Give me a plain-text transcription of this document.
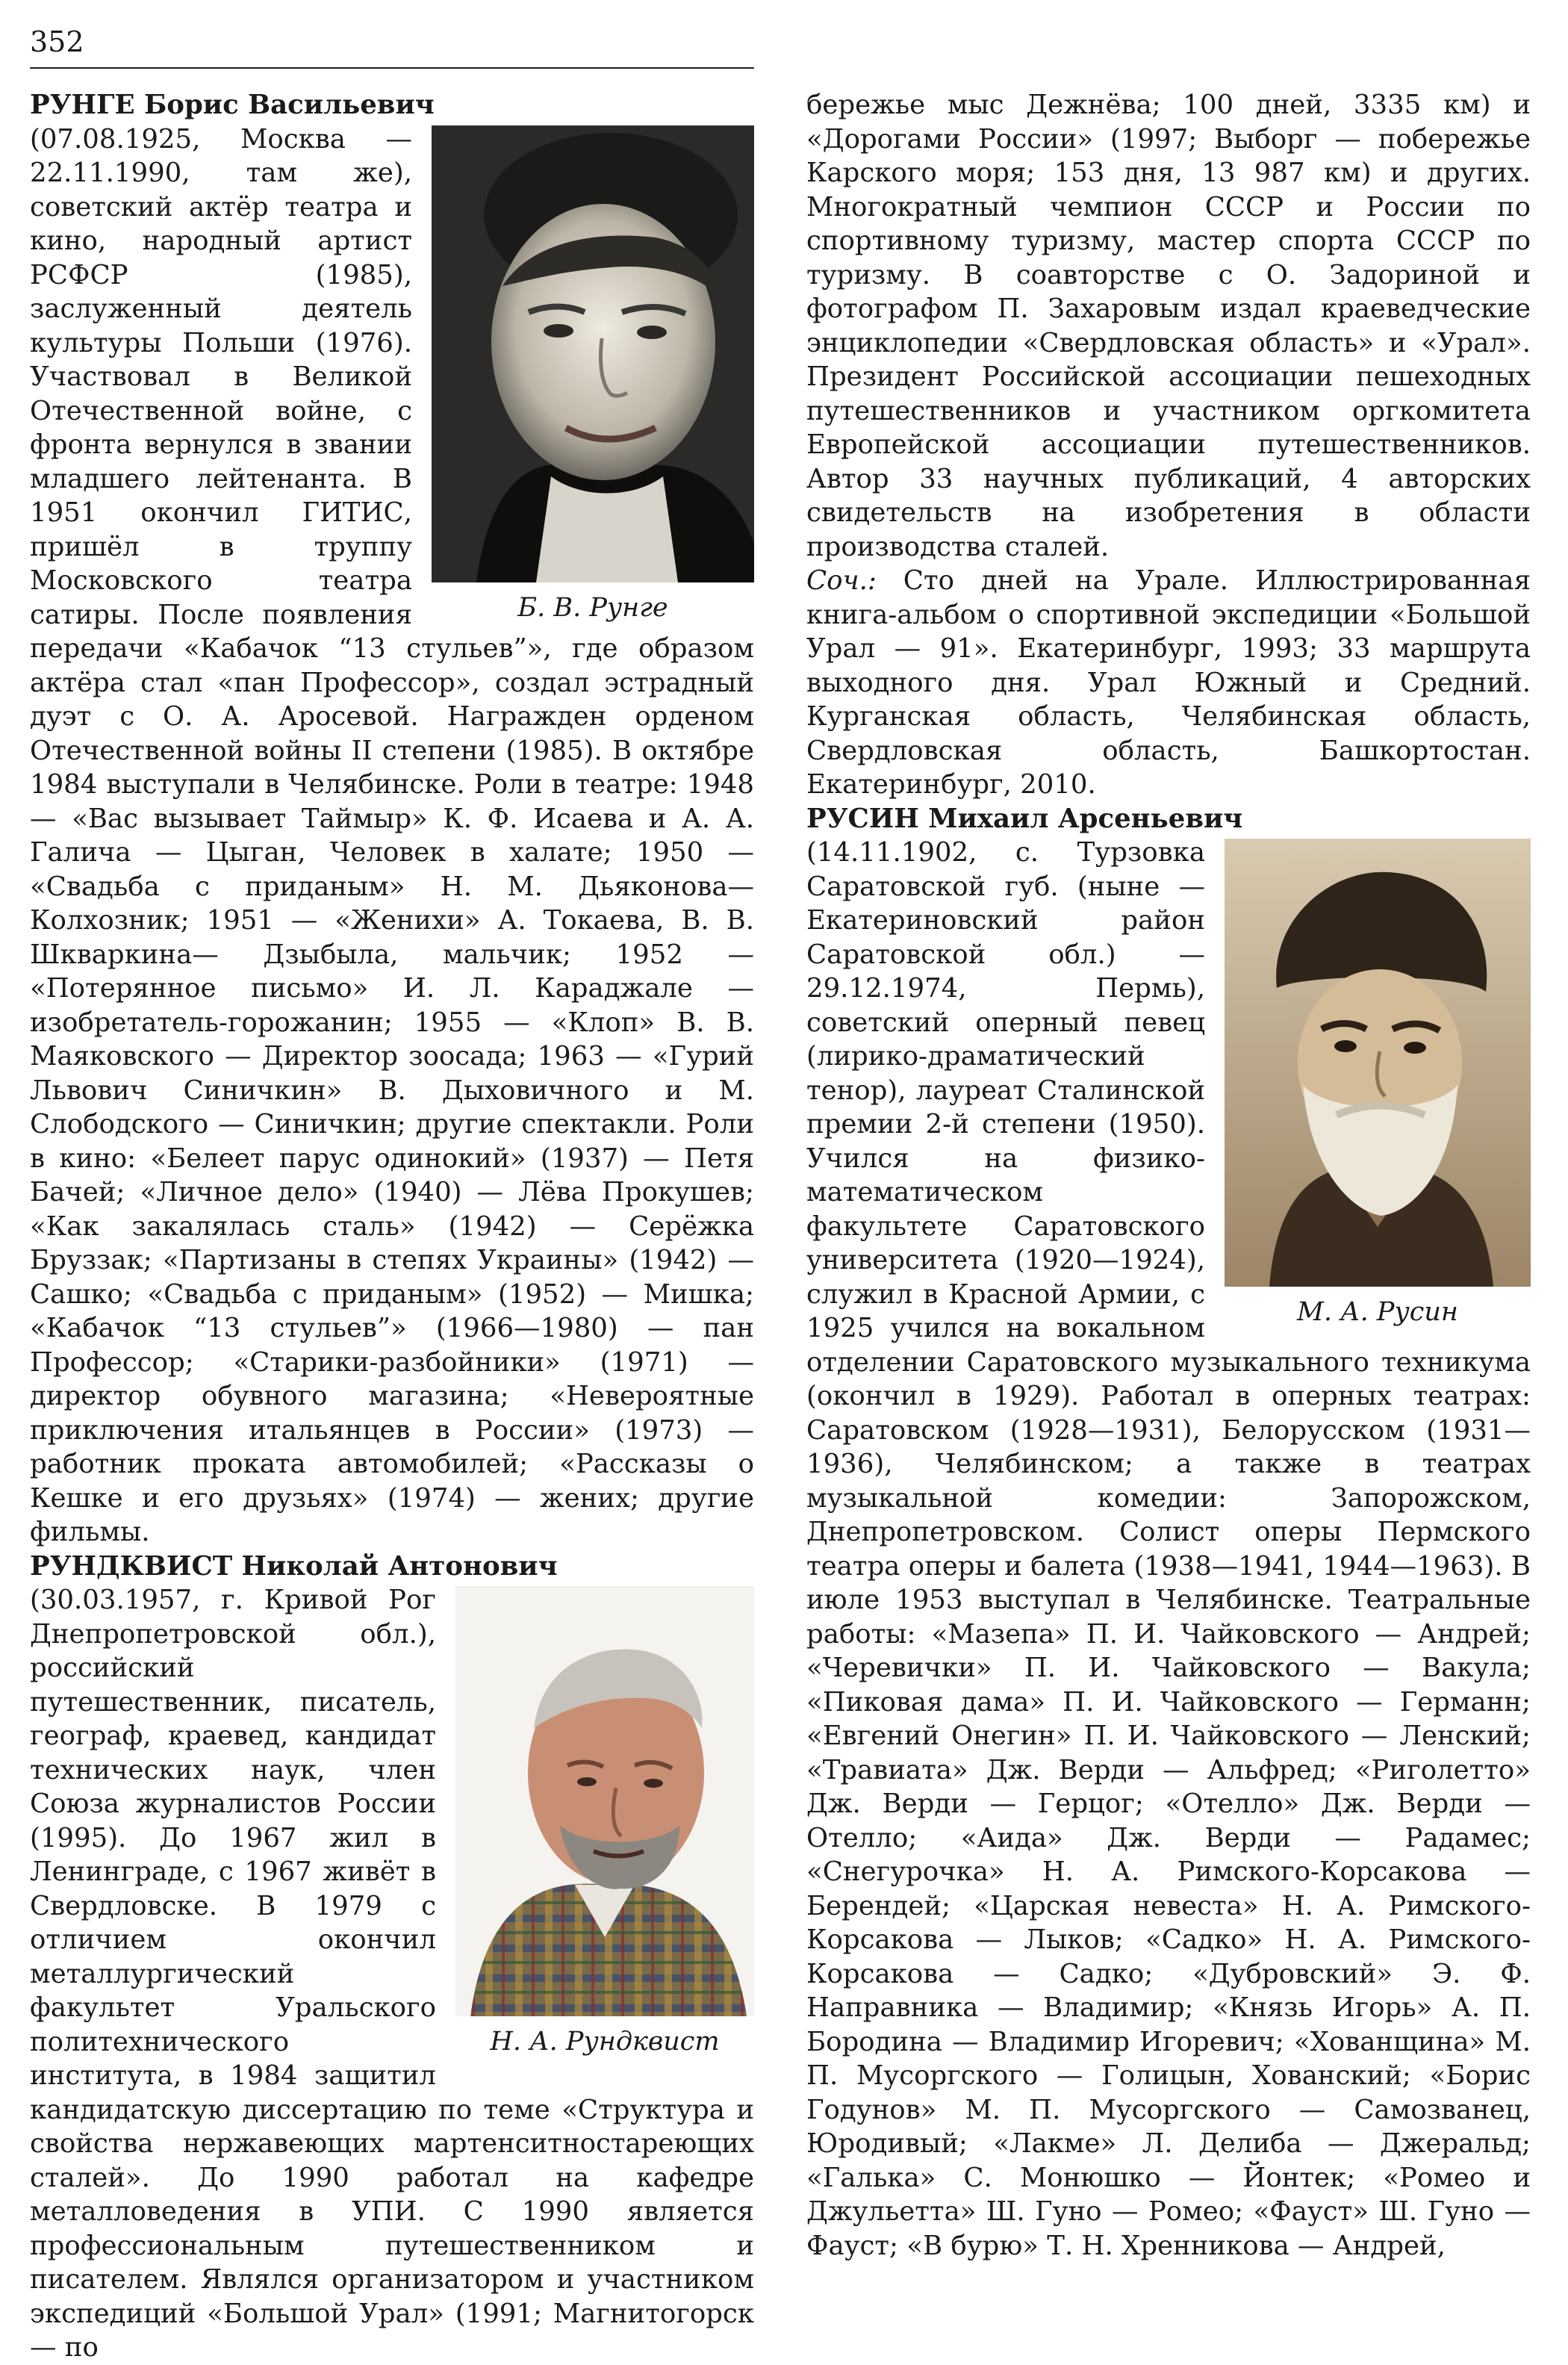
352

РУНГЕ Борис Васильевич

Б. В. Рунге
(07.08.1925, Москва — 22.11.1990, там же), советский актёр театра и кино, народный артист РСФСР (1985), заслуженный деятель культуры Польши (1976). Участвовал в Великой Отечественной войне, с фронта вернулся в звании младшего лейтенанта. В 1951 окончил ГИТИС, пришёл в труппу Московского театра сатиры. После появления передачи «Кабачок “13 стульев”», где образом актёра стал «пан Профессор», создал эстрадный дуэт с О. А. Аросевой. Награжден орденом Отечественной войны II степени (1985). В октябре 1984 выступали в Челябинске. Роли в театре: 1948 — «Вас вызывает Таймыр» К. Ф. Исаева и А. А. Галича — Цыган, Человек в халате; 1950 — «Свадьба с приданым» Н. М. Дьяконова— Колхозник; 1951 — «Женихи» А. Токаева, В. В. Шкваркина— Дзыбыла, мальчик; 1952 — «Потерянное письмо» И. Л. Караджале — изобретатель-горожанин; 1955 — «Клоп» В. В. Маяковского — Директор зоосада; 1963 — «Гурий Львович Синичкин» В. Дыховичного и М. Слободского — Синичкин; другие спектакли. Роли в кино: «Белеет парус одинокий» (1937) — Петя Бачей; «Личное дело» (1940) — Лёва Прокушев; «Как закалялась сталь» (1942) — Серёжка Бруззак; «Партизаны в степях Украины» (1942) — Сашко; «Свадьба с приданым» (1952) — Мишка; «Кабачок “13 стульев”» (1966—1980) — пан Профессор; «Старики-разбойники» (1971) — директор обувного магазина; «Невероятные приключения итальянцев в России» (1973) — работник проката автомобилей; «Рассказы о Кешке и его друзьях» (1974) — жених; другие фильмы.

РУНДКВИСТ Николай Антонович

Н. А. Рундквист
(30.03.1957, г. Кривой Рог Днепропетровской обл.), российский путешественник, писатель, географ, краевед, кандидат технических наук, член Союза журналистов России (1995). До 1967 жил в Ленинграде, с 1967 живёт в Свердловске. В 1979 с отличием окончил металлургический факультет Уральского политехнического института, в 1984 защитил кандидатскую диссертацию по теме «Структура и свойства нержавеющих мартенситностареющих сталей». До 1990 работал на кафедре металловедения в УПИ. С 1990 является профессиональным путешественником и писателем. Являлся организатором и участником экспедиций «Большой Урал» (1991; Магнитогорск — по

бережье мыс Дежнёва; 100 дней, 3335 км) и «Дорогами России» (1997; Выборг — побережье Карского моря; 153 дня, 13 987 км) и других. Многократный чемпион СССР и России по спортивному туризму, мастер спорта СССР по туризму. В соавторстве с О. Задориной и фотографом П. Захаровым издал краеведческие энциклопедии «Свердловская область» и «Урал». Президент Российской ассоциации пешеходных путешественников и участником оргкомитета Европейской ассоциации путешественников. Автор 33 научных публикаций, 4 авторских свидетельств на изобретения в области производства сталей.

Соч.: Сто дней на Урале. Иллюстрированная книга-альбом о спортивной экспедиции «Большой Урал — 91». Екатеринбург, 1993; 33 маршрута выходного дня. Урал Южный и Средний. Курганская область, Челябинская область, Свердловская область, Башкортостан. Екатеринбург, 2010.

РУСИН Михаил Арсеньевич

М. А. Русин
(14.11.1902, с. Турзовка Саратовской губ. (ныне — Екатериновский район Саратовской обл.) — 29.12.1974, Пермь), советский оперный певец (лирико-драматический тенор), лауреат Сталинской премии 2-й степени (1950). Учился на физико-математическом факультете Саратовского университета (1920—1924), служил в Красной Армии, с 1925 учился на вокальном отделении Саратовского музыкального техникума (окончил в 1929). Работал в оперных театрах: Саратовском (1928—1931), Белорусском (1931—1936), Челябинском; а также в театрах музыкальной комедии: Запорожском, Днепропетровском. Солист оперы Пермского театра оперы и балета (1938—1941, 1944—1963). В июле 1953 выступал в Челябинске. Театральные работы: «Мазепа» П. И. Чайковского — Андрей; «Черевички» П. И. Чайковского — Вакула; «Пиковая дама» П. И. Чайковского — Германн; «Евгений Онегин» П. И. Чайковского — Ленский; «Травиата» Дж. Верди — Альфред; «Риголетто» Дж. Верди — Герцог; «Отелло» Дж. Верди — Отелло; «Аида» Дж. Верди — Радамес; «Снегурочка» Н. А. Римского-Корсакова — Берендей; «Царская невеста» Н. А. Римского-Корсакова — Лыков; «Садко» Н. А. Римского-Корсакова — Садко; «Дубровский» Э. Ф. Направника — Владимир; «Князь Игорь» А. П. Бородина — Владимир Игоревич; «Хованщина» М. П. Мусоргского — Голицын, Хованский; «Борис Годунов» М. П. Мусоргского — Самозванец, Юродивый; «Лакме» Л. Делиба — Джеральд; «Галька» С. Монюшко — Йонтек; «Ромео и Джульетта» Ш. Гуно — Ромео; «Фауст» Ш. Гуно — Фауст; «В бурю» Т. Н. Хренникова — Андрей,
